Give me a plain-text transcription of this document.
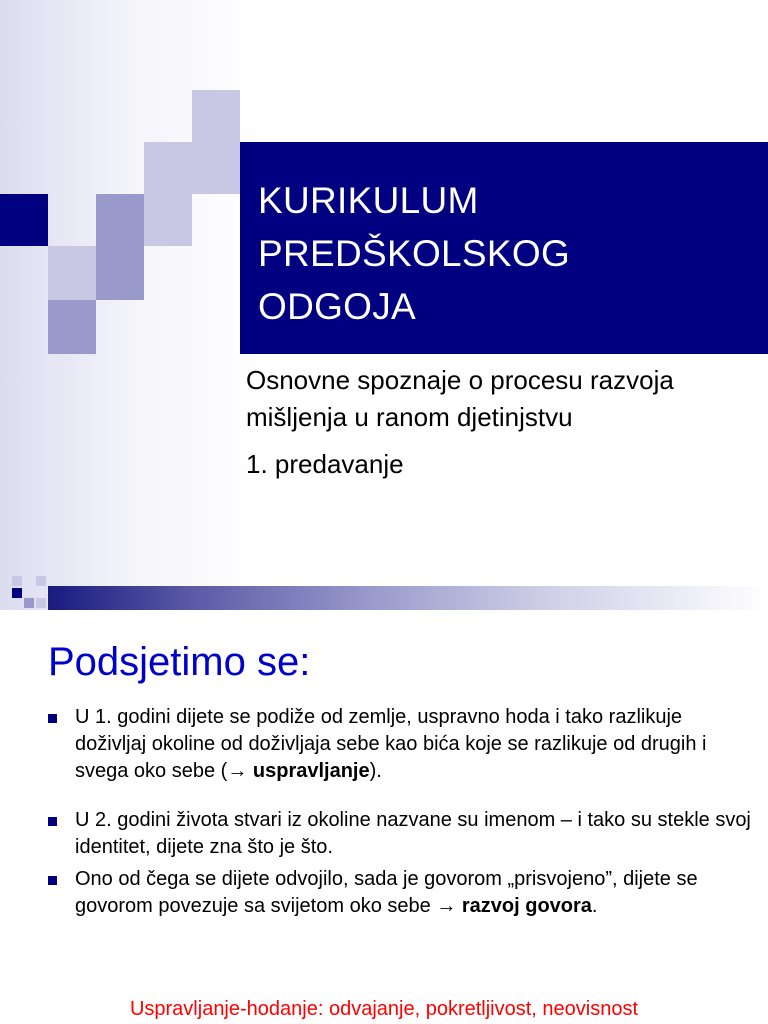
KURIKULUM
PREDŠKOLSKOG
ODGOJA
Osnovne spoznaje o procesu razvoja mišljenja u ranom djetinjstvu
1. predavanje
Podsjetimo se:
U 1. godini dijete se podiže od zemlje, uspravno hoda i tako razlikuje doživljaj okoline od doživljaja sebe kao bića koje se razlikuje od drugih i svega oko sebe (→ uspravljanje).
U 2. godini života stvari iz okoline nazvane su imenom – i tako su stekle svoj identitet, dijete zna što je što.
Ono od čega se dijete odvojilo, sada je govorom „prisvojeno”, dijete se govorom povezuje sa svijetom oko sebe → razvoj govora.
Uspravljanje-hodanje: odvajanje, pokretljivost, neovisnost
